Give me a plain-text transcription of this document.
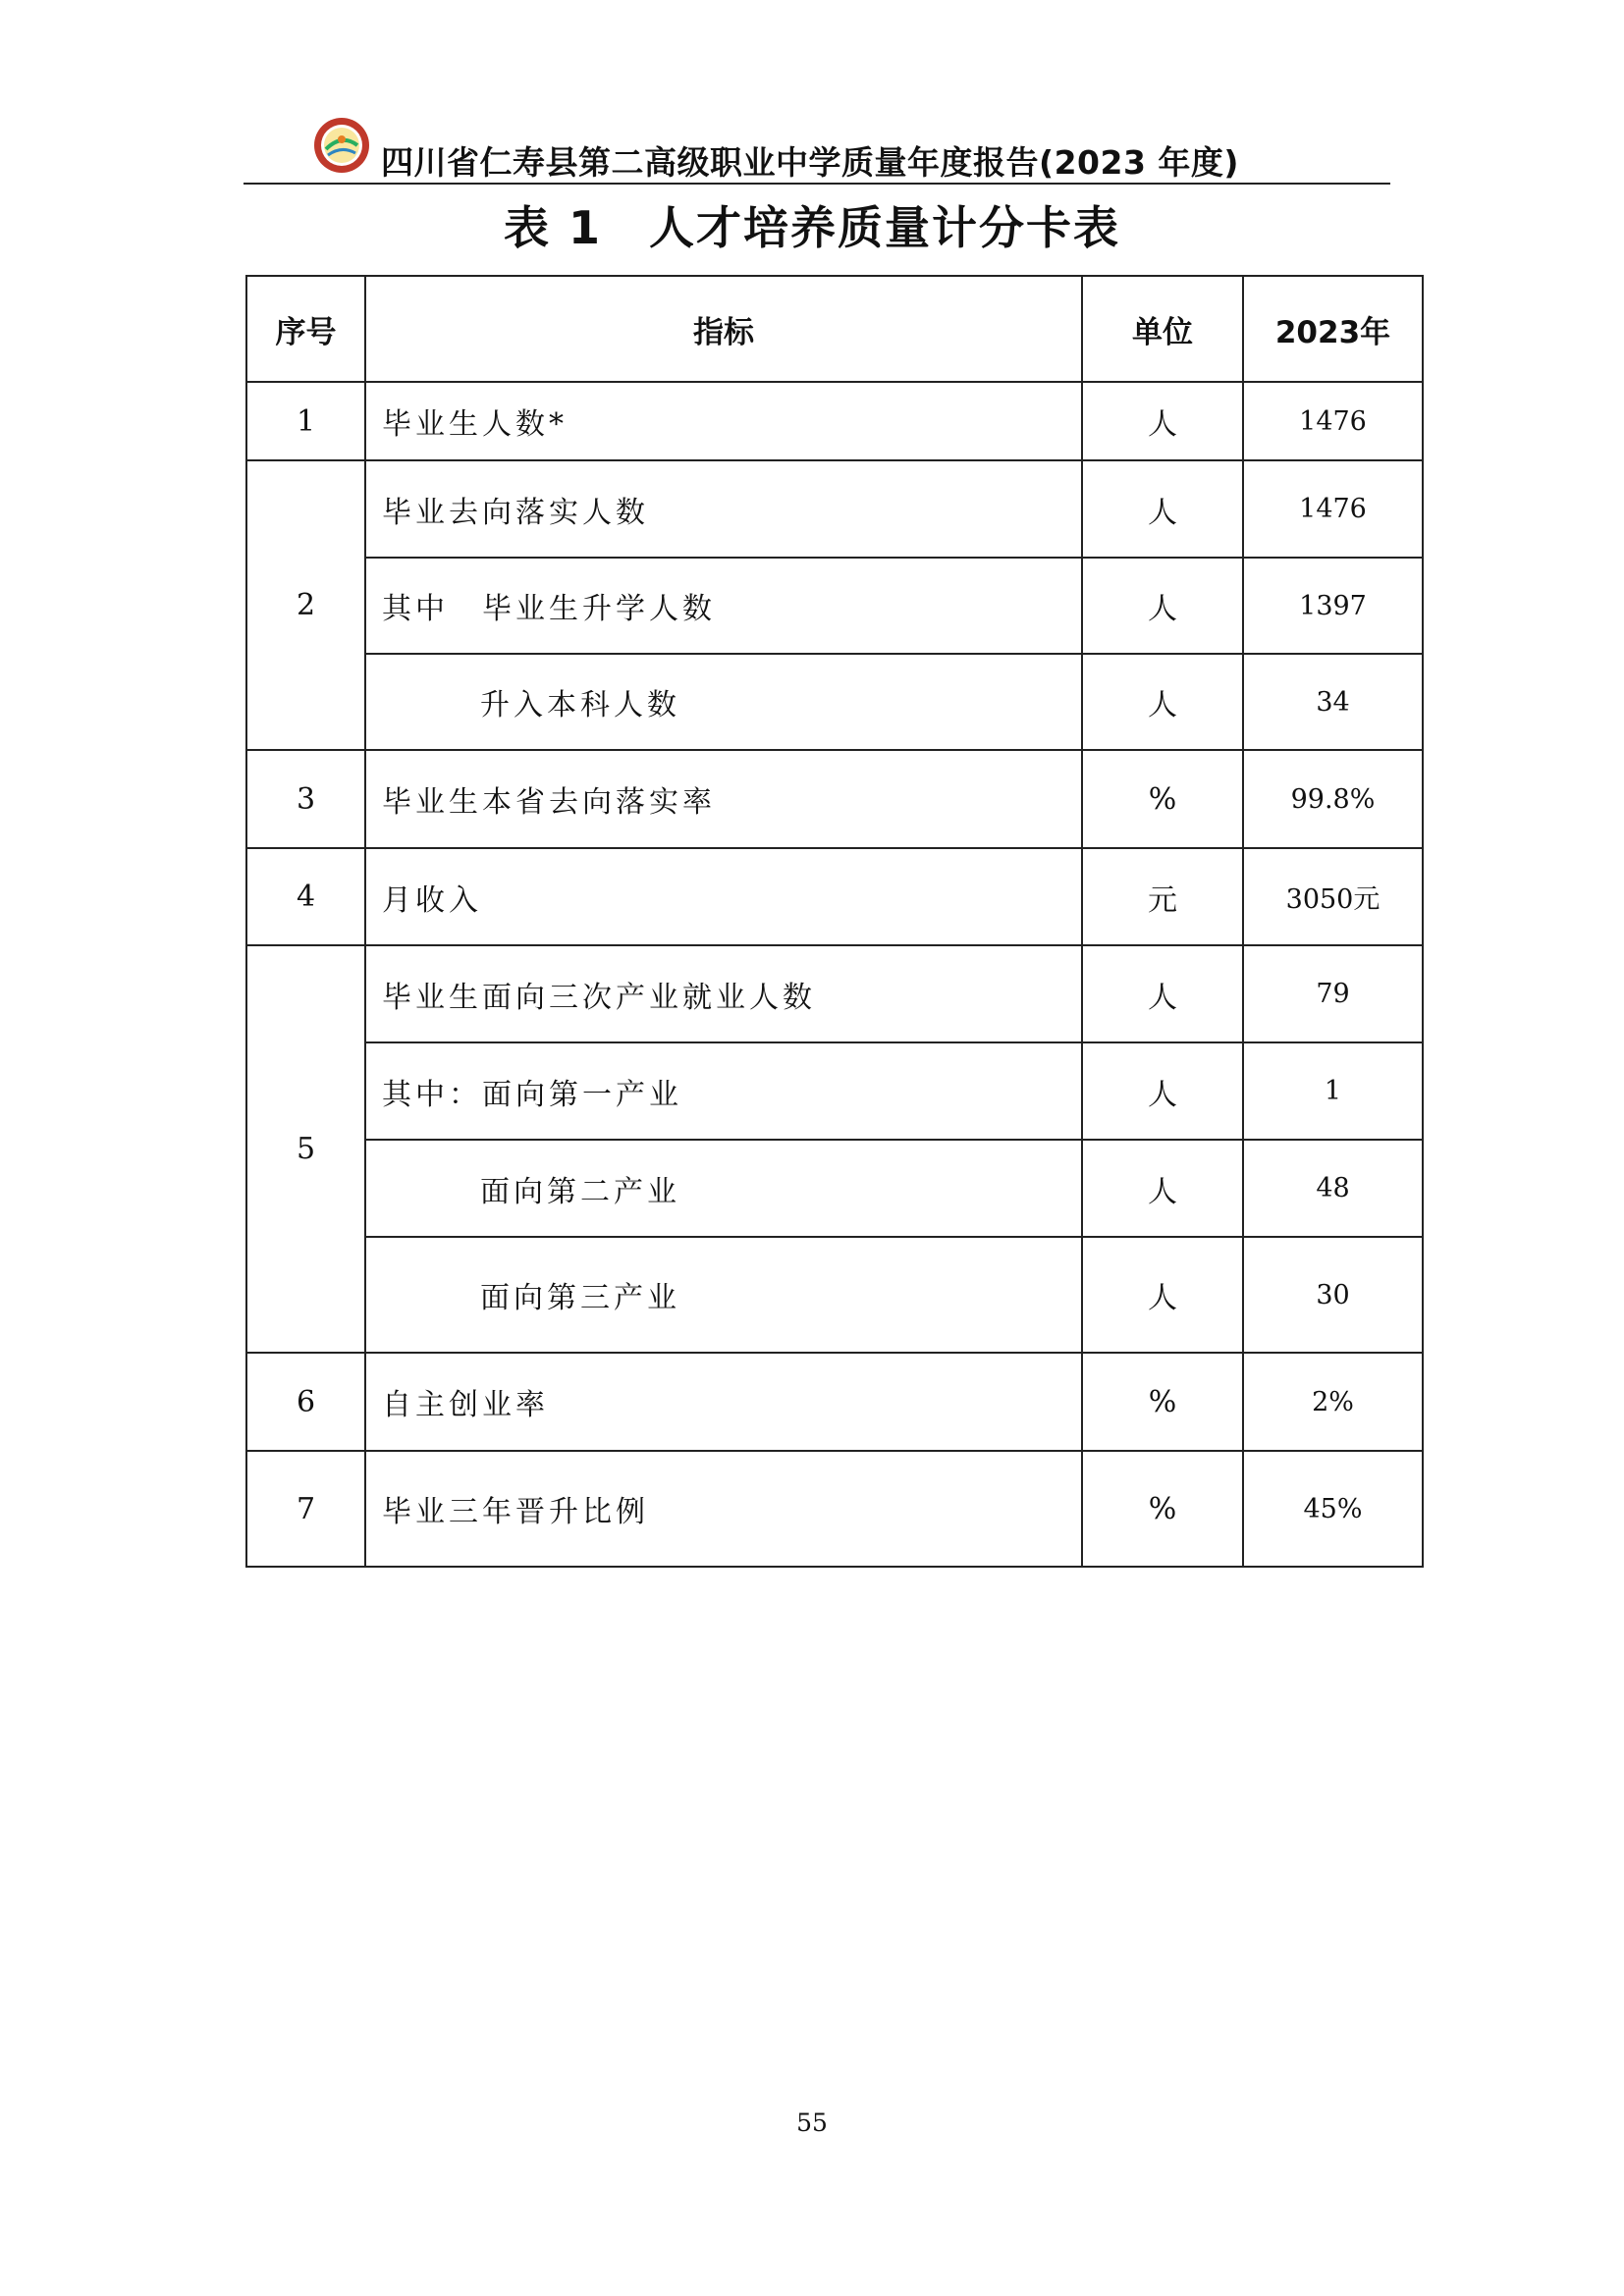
四川省仁寿县第二高级职业中学质量年度报告(2023 年度)
表 1　人才培养质量计分卡表
序号	指标	单位	2023年
1	毕业生人数*	人	1476
2	毕业去向落实人数	人	1476
	其中　毕业生升学人数	人	1397
	升入本科人数	人	34
3	毕业生本省去向落实率	%	99.8%
4	月收入	元	3050元
5	毕业生面向三次产业就业人数	人	79
	其中：面向第一产业	人	1
	面向第二产业	人	48
	面向第三产业	人	30
6	自主创业率	%	2%
7	毕业三年晋升比例	%	45%
55
